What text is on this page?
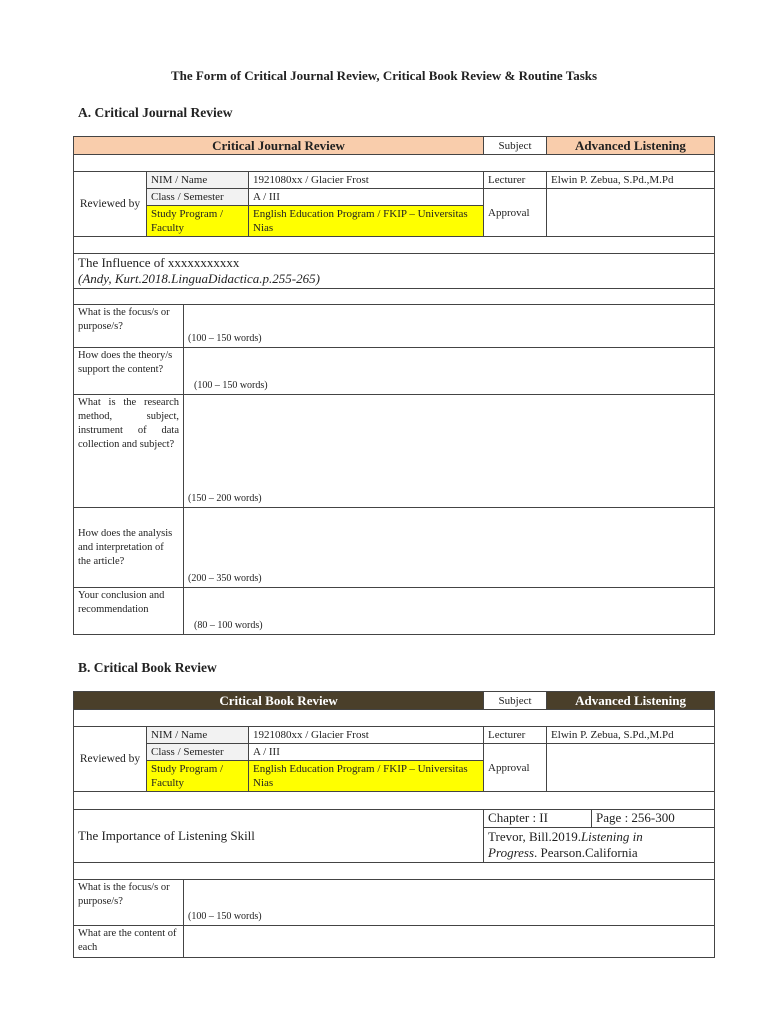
The Form of Critical Journal Review, Critical Book Review & Routine Tasks
A. Critical Journal Review
Critical Journal Review				Subject	Advanced Listening

Reviewed by	NIM / Name		1921080xx / Glacier Frost	Lecturer	Elwin P. Zebua, S.Pd.,M.Pd
	Class / Semester		A / III	Approval	
	Study Program / Faculty		English Education Program / FKIP – Universitas Nias		

The Influence of xxxxxxxxxxx
(Andy, Kurt.2018.LinguaDidactica.p.255-265)					

What is the focus/s or purpose/s?		(100 – 150 words)			
How does the theory/s support the content?		(100 – 150 words)			
What is the research method, subject, instrument of data collection and subject?		(150 – 200 words)			
How does the analysis and interpretation of the article?		(200 – 350 words)			
Your conclusion and recommendation		(80 – 100 words)			
B. Critical Book Review
Critical Book Review				Subject	Advanced Listening	

Reviewed by	NIM / Name		1921080xx / Glacier Frost	Lecturer	Elwin P. Zebua, S.Pd.,M.Pd	
	Class / Semester		A / III	Approval		
	Study Program / Faculty		English Education Program / FKIP – Universitas Nias			

The Importance of Listening Skill				Chapter : II		Page : 256-300
				Trevor, Bill.2019.Listening in
Progress. Pearson.California		

What is the focus/s or purpose/s?		(100 – 150 words)				
What are the content of each						
